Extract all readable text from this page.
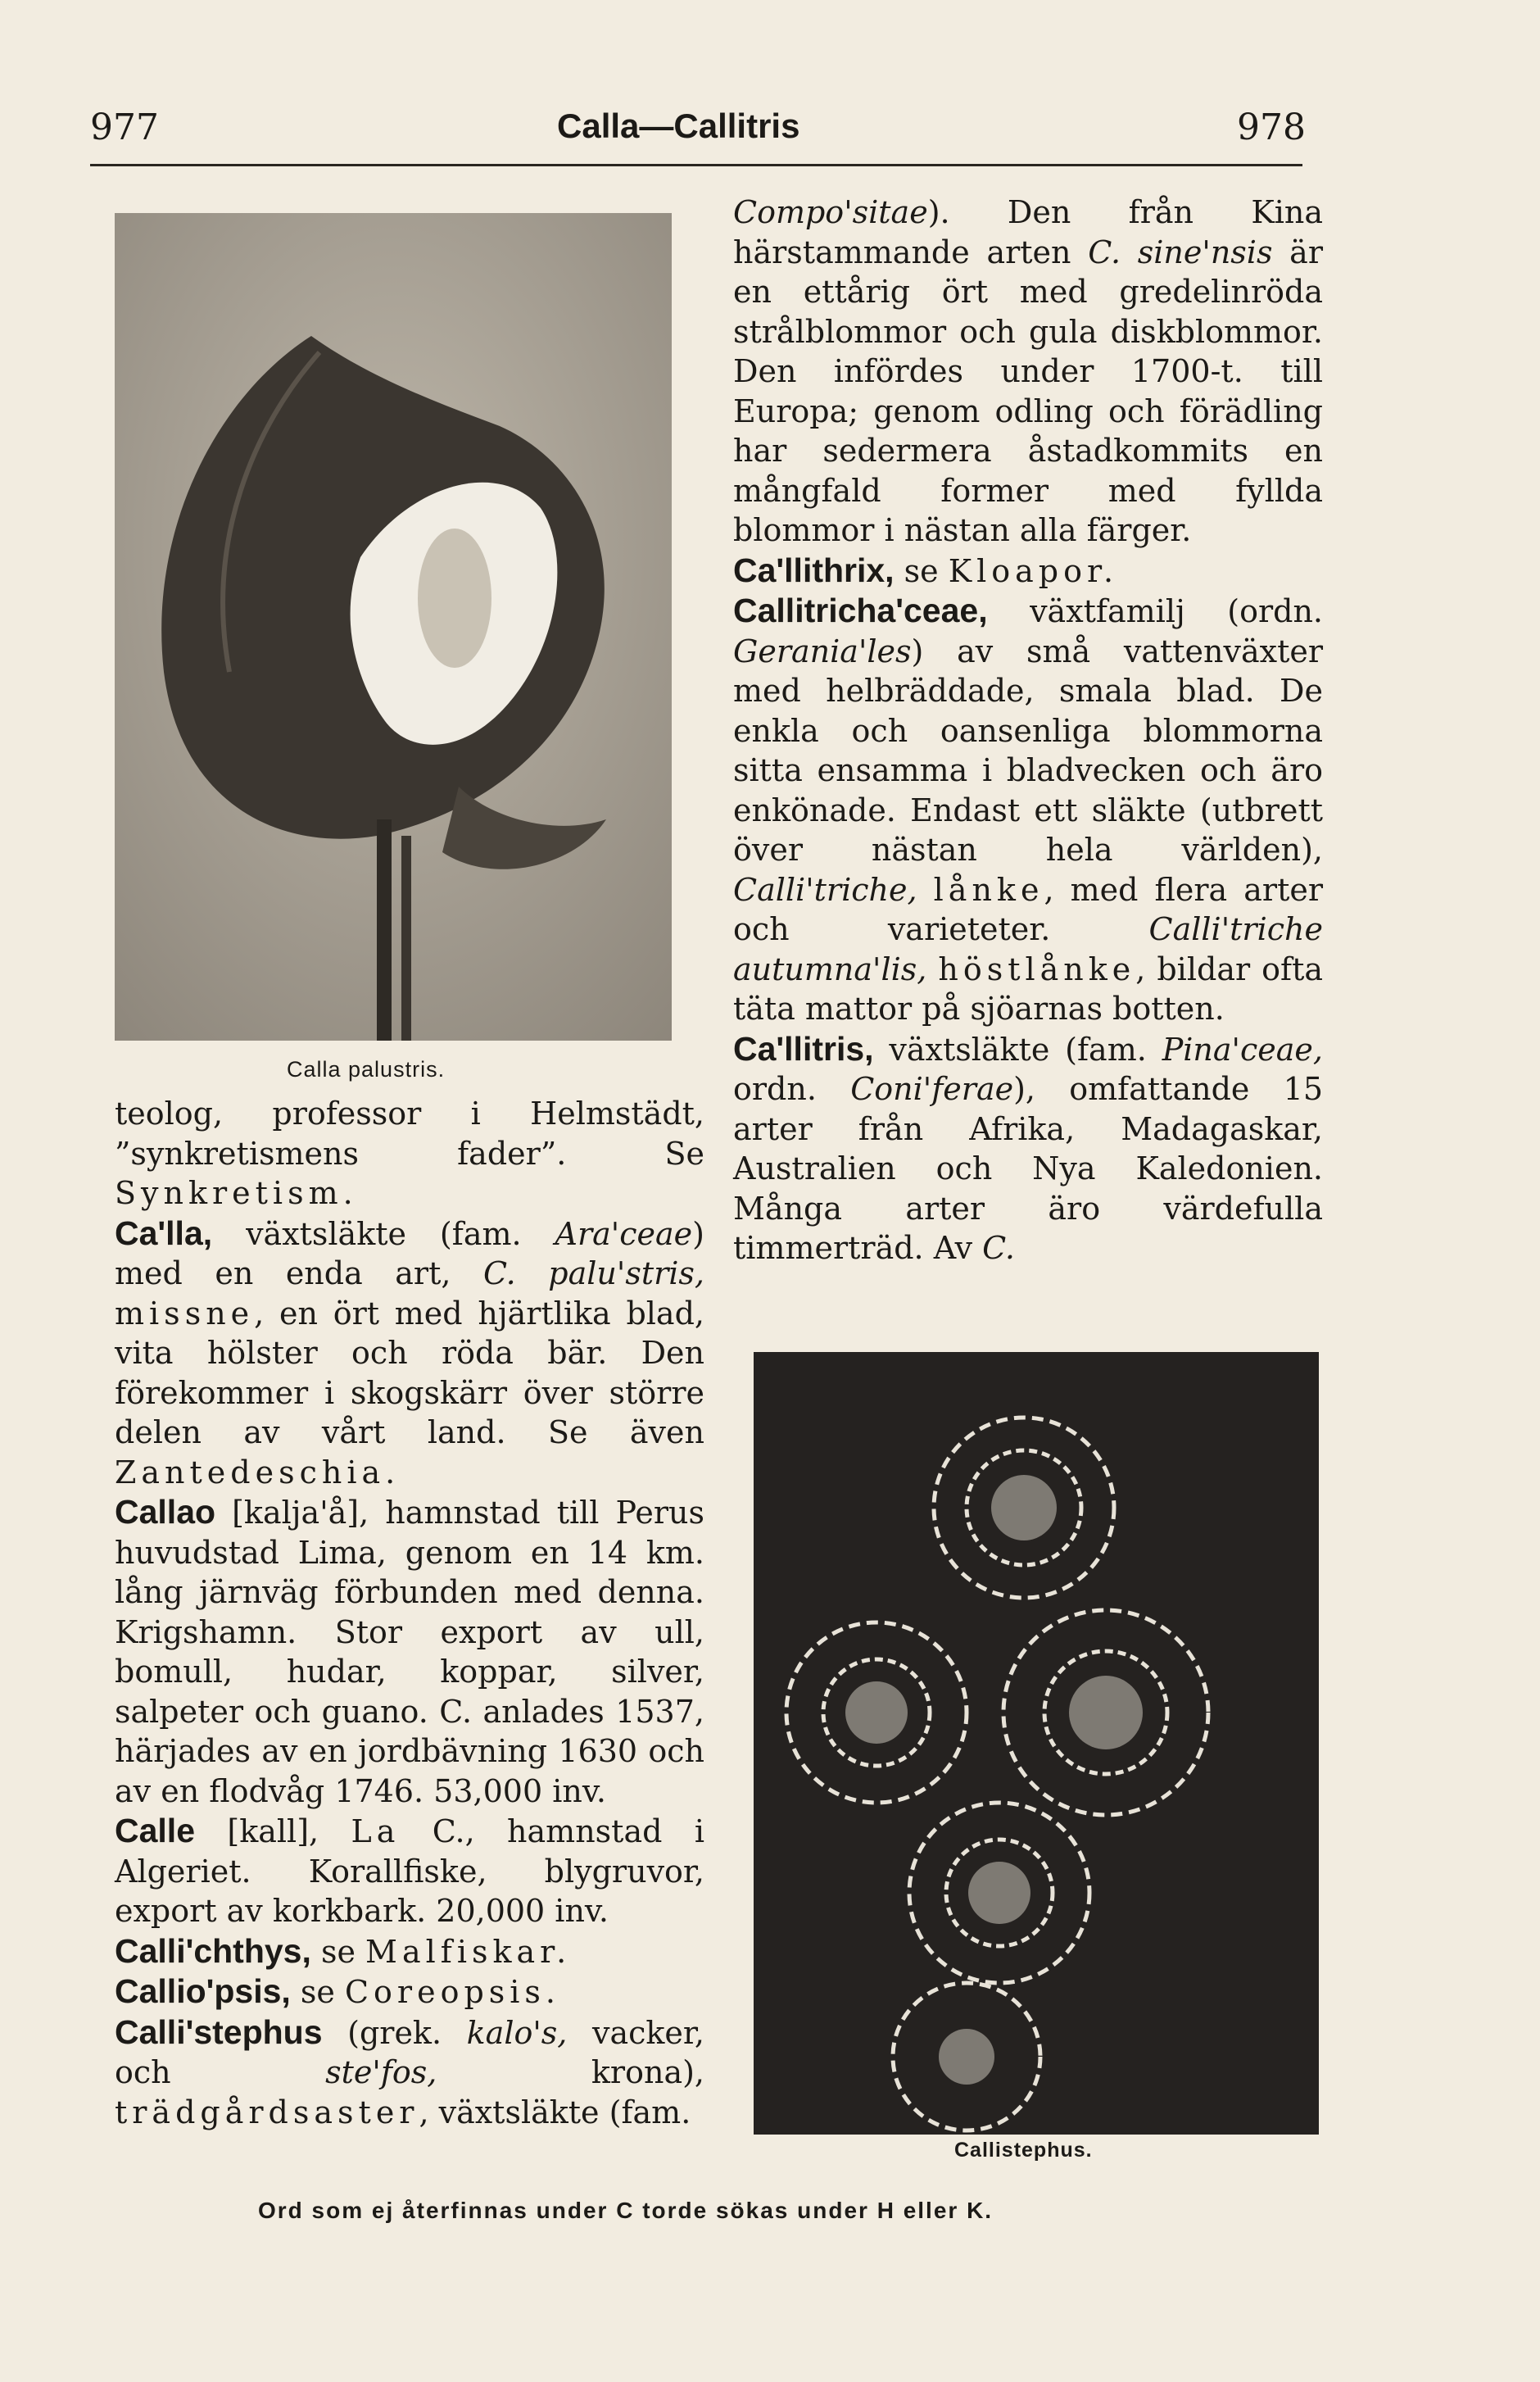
977	Calla—Callitris	978
Calla palustris.
Callistephus.

teolog, professor i Helmstädt, ”synkretismens fader”. Se Synkretism.

Ca'lla, växtsläkte (fam. Ara'ceae) med en enda art, C. palu'stris, missne, en ört med hjärtlika blad, vita hölster och röda bär. Den förekommer i skogskärr över större delen av vårt land. Se även Zantedeschia.

Callao [kalja'å], hamnstad till Perus huvudstad Lima, genom en 14 km. lång järnväg förbunden med denna. Krigshamn. Stor export av ull, bomull, hudar, koppar, silver, salpeter och guano. C. anlades 1537, härjades av en jordbävning 1630 och av en flodvåg 1746. 53,000 inv.

Calle [kall], La C., hamnstad i Algeriet. Korallfiske, blygruvor, export av korkbark. 20,000 inv.

Calli'chthys, se Malfiskar.

Callio'psis, se Coreopsis.

Calli'stephus (grek. kalo's, vacker, och ste'fos, krona), trädgårdsaster, växtsläkte (fam.

Compo'sitae). Den från Kina härstammande arten C. sine'nsis är en ettårig ört med gredelinröda strålblommor och gula diskblommor. Den infördes under 1700-t. till Europa; genom odling och förädling har sedermera åstadkommits en mångfald former med fyllda blommor i nästan alla färger.

Ca'llithrix, se Kloapor.

Callitricha'ceae, växtfamilj (ordn. Gerania'les) av små vattenväxter med helbräddade, smala blad. De enkla och oansenliga blommorna sitta ensamma i bladvecken och äro enkönade. Endast ett släkte (utbrett över nästan hela världen), Calli'triche, lånke, med flera arter och varieteter. Calli'triche autumna'lis, höstlånke, bildar ofta täta mattor på sjöarnas botten.

Ca'llitris, växtsläkte (fam. Pina'ceae, ordn. Coni'ferae), omfattande 15 arter från Afrika, Madagaskar, Australien och Nya Kaledonien. Många arter äro värdefulla timmerträd. Av C.

Ord som ej återfinnas under C torde sökas under H eller K.
